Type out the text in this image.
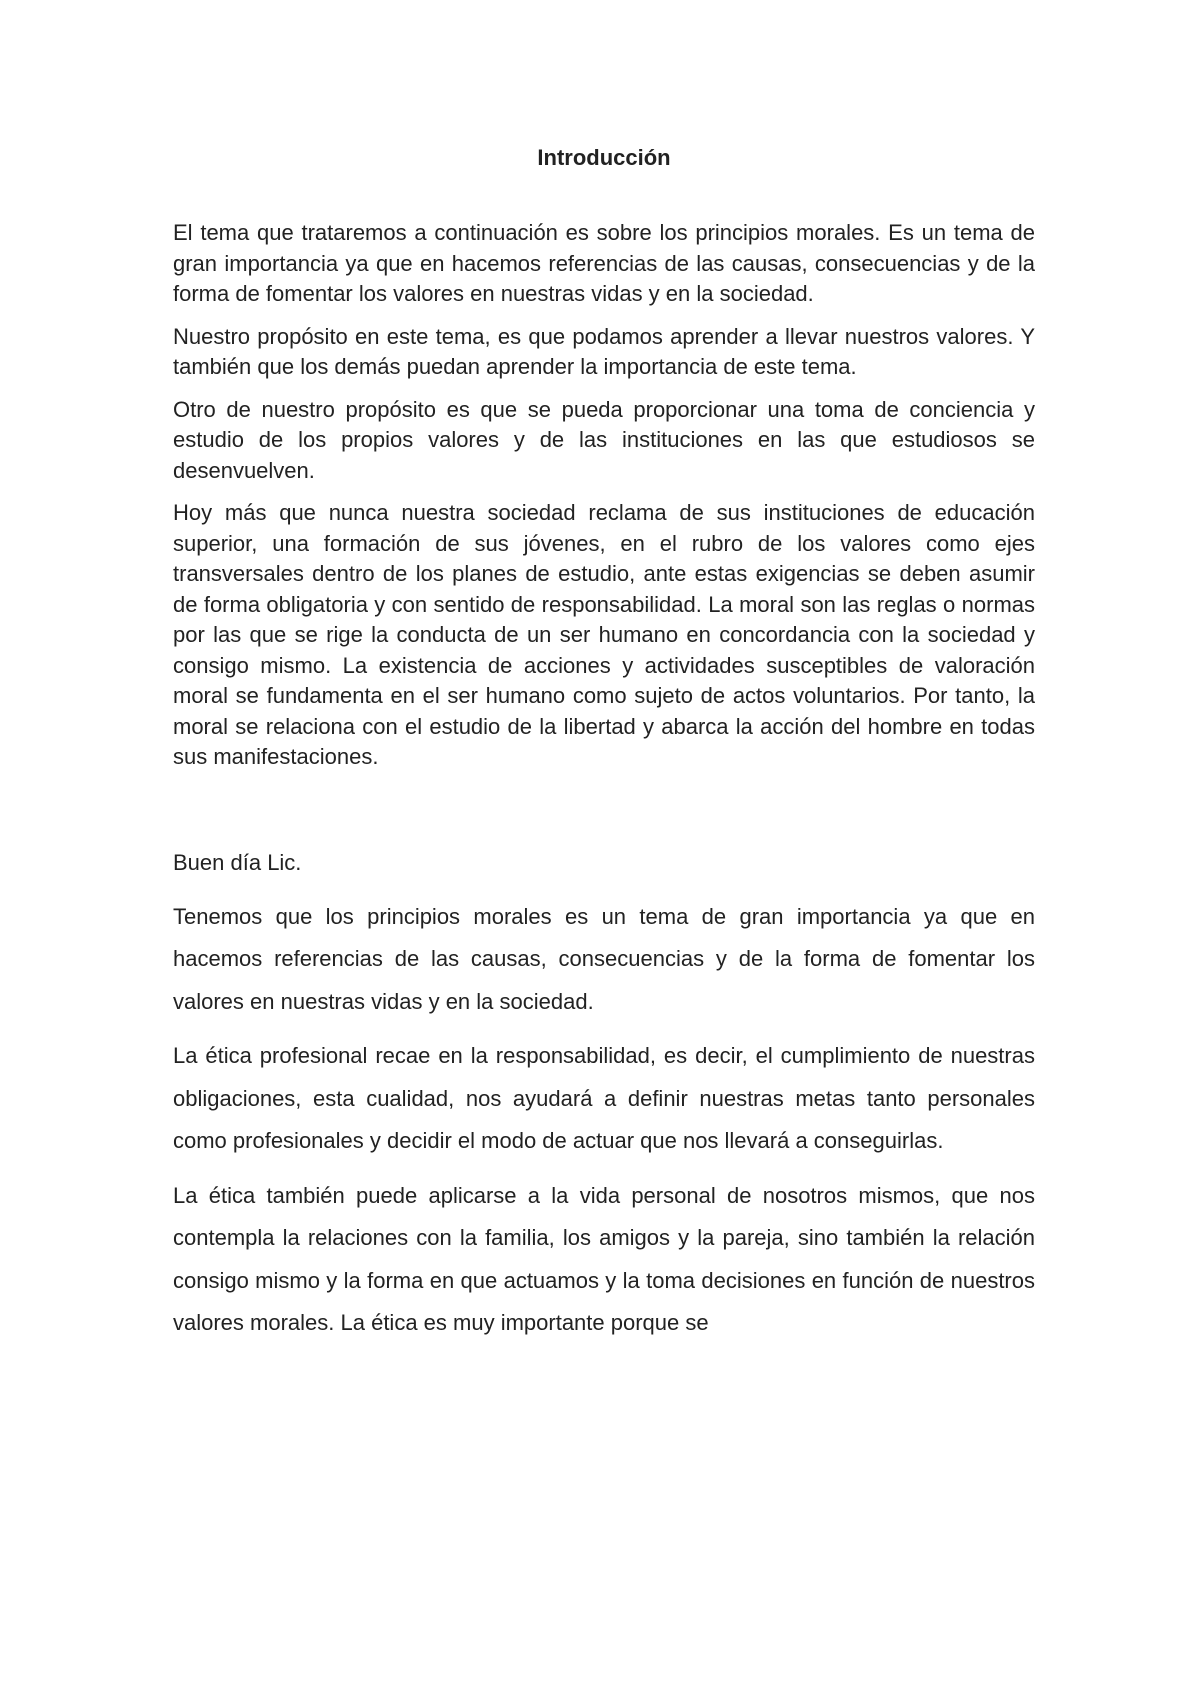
Introducción

El tema que trataremos a continuación es sobre los principios morales. Es un tema de gran importancia ya que en hacemos referencias de las causas, consecuencias y de la forma de fomentar los valores en nuestras vidas y en la sociedad.

Nuestro propósito en este tema, es que podamos aprender a llevar nuestros valores. Y también que los demás puedan aprender la importancia de este tema.

Otro de nuestro propósito es que se pueda proporcionar una toma de conciencia y estudio de los propios valores y de las instituciones en las que estudiosos se desenvuelven.

Hoy más que nunca nuestra sociedad reclama de sus instituciones de educación superior, una formación de sus jóvenes, en el rubro de los valores como ejes transversales dentro de los planes de estudio, ante estas exigencias se deben asumir de forma obligatoria y con sentido de responsabilidad. La moral son las reglas o normas por las que se rige la conducta de un ser humano en concordancia con la sociedad y consigo mismo. La existencia de acciones y actividades susceptibles de valoración moral se fundamenta en el ser humano como sujeto de actos voluntarios. Por tanto, la moral se relaciona con el estudio de la libertad y abarca la acción del hombre en todas sus manifestaciones.

Buen día Lic.

Tenemos que los principios morales es un tema de gran importancia ya que en hacemos referencias de las causas, consecuencias y de la forma de fomentar los valores en nuestras vidas y en la sociedad.

La ética profesional recae en la responsabilidad, es decir, el cumplimiento de nuestras obligaciones, esta cualidad, nos ayudará a definir nuestras metas tanto personales como profesionales y decidir el modo de actuar que nos llevará a conseguirlas.

La ética también puede aplicarse a la vida personal de nosotros mismos, que nos contempla la relaciones con la familia, los amigos y la pareja, sino también la relación consigo mismo y la forma en que actuamos y la toma decisiones en función de nuestros valores morales. La ética es muy importante porque se
